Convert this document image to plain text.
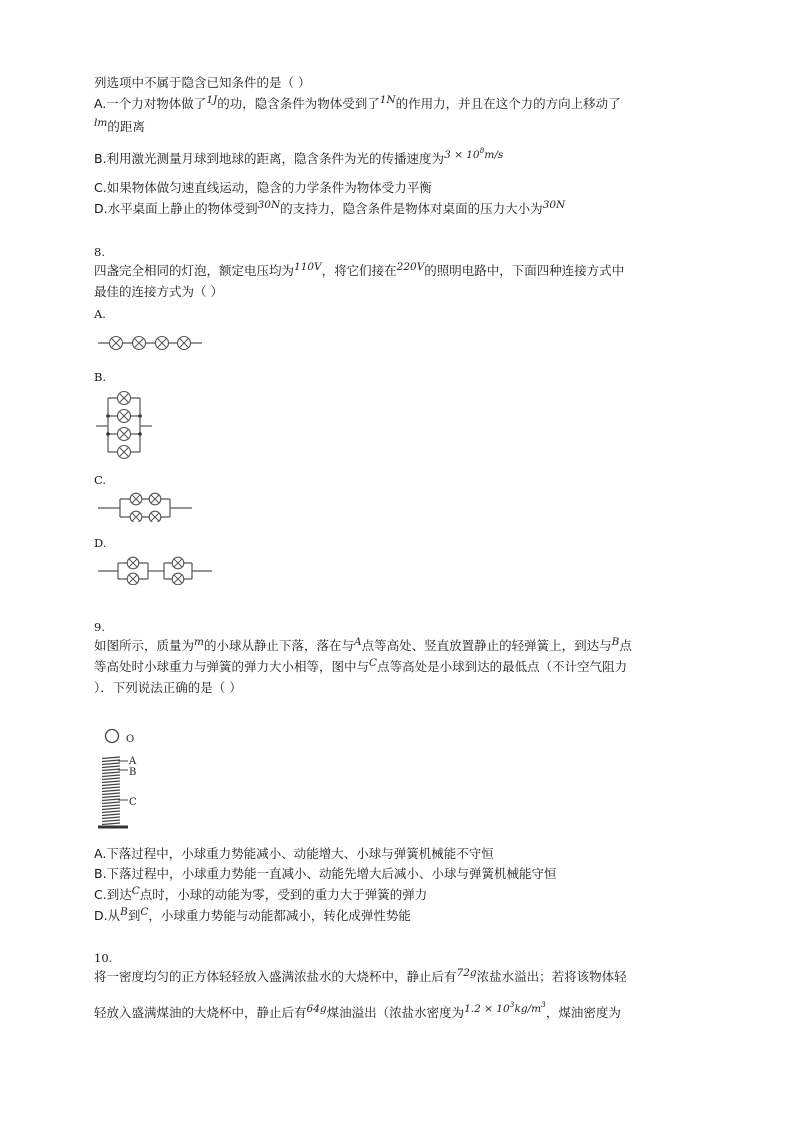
列选项中不属于隐含已知条件的是（ ）
A.一个力对物体做了$^{1J}$的功，隐含条件为物体受到了$^{1N}$的作用力，并且在这个力的方向上移动了
$^{lm}$的距离
B.利用激光测量月球到地球的距离，隐含条件为光的传播速度为$^{3 \times 10^8m/s}$
C.如果物体做匀速直线运动，隐含的力学条件为物体受力平衡
D.水平桌面上静止的物体受到$^{30N}$的支持力，隐含条件是物体对桌面的压力大小为$^{30N}$
8.
四盏完全相同的灯泡，额定电压均为$^{110V}$，将它们接在$^{220V}$的照明电路中，下面四种连接方式中
最佳的连接方式为（ ）
A.
B.
C.
D.
9.
如图所示，质量为$^m$的小球从静止下落，落在与$^A$点等高处、竖直放置静止的轻弹簧上，到达与$^B$点
等高处时小球重力与弹簧的弹力大小相等，图中与$^C$点等高处是小球到达的最低点（不计空气阻力
）．下列说法正确的是（ ）
O
A
B
C
A.下落过程中，小球重力势能减小、动能增大、小球与弹簧机械能不守恒
B.下落过程中，小球重力势能一直减小、动能先增大后减小、小球与弹簧机械能守恒
C.到达$^C$点时，小球的动能为零，受到的重力大于弹簧的弹力
D.从$^B$到$^C$，小球重力势能与动能都减小，转化成弹性势能
10.
将一密度均匀的正方体轻轻放入盛满浓盐水的大烧杯中，静止后有$^{72g}$浓盐水溢出；若将该物体轻
轻放入盛满煤油的大烧杯中，静止后有$^{64g}$煤油溢出（浓盐水密度为$^{1.2 \times 10^3kg/m^3}$，煤油密度为
